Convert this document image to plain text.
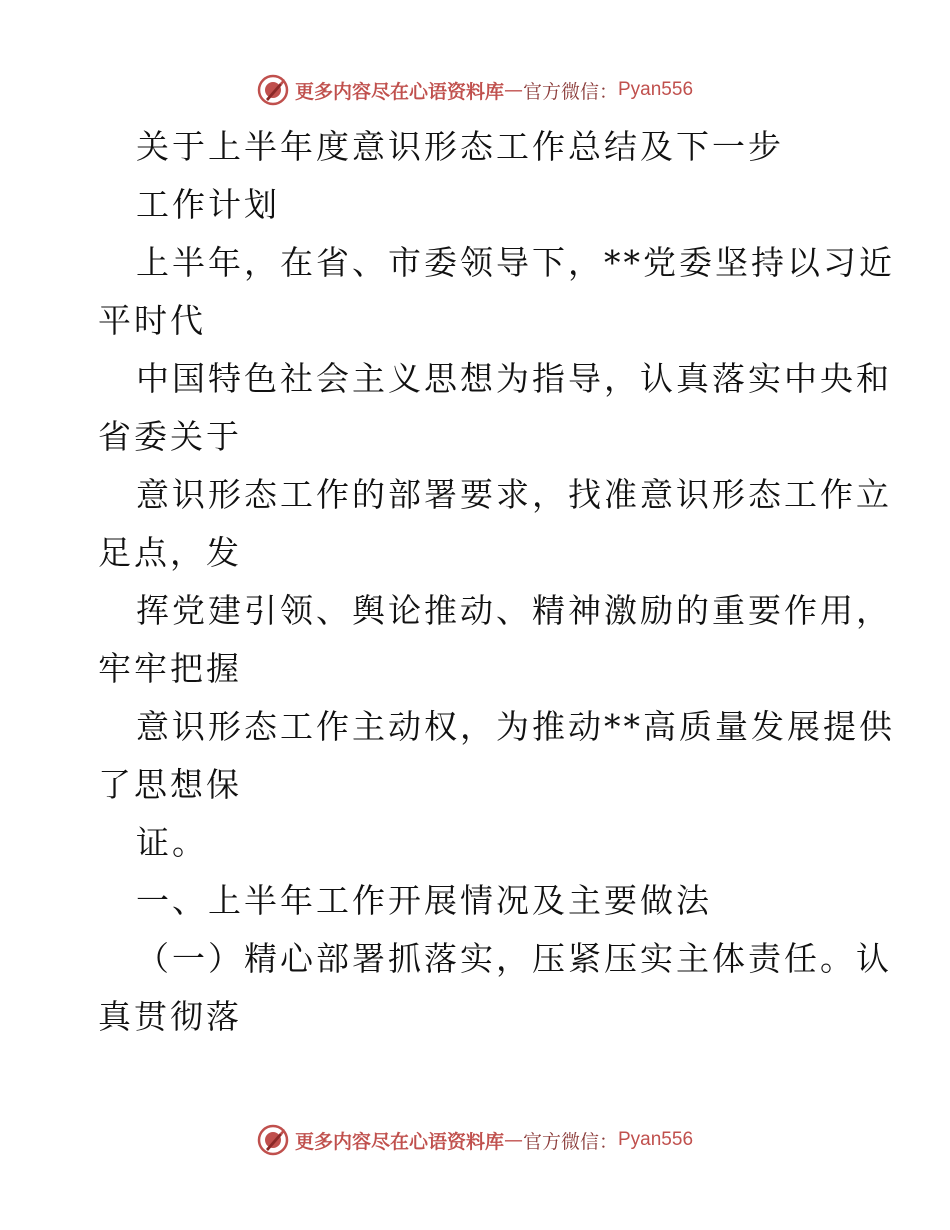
更多内容尽在心语资料库 — 官方微信： Pyan556
关于上半年度意识形态工作总结及下一步
工作计划
上半年，在省、市委领导下，**党委坚持以习近
平时代
中国特色社会主义思想为指导，认真落实中央和
省委关于
意识形态工作的部署要求，找准意识形态工作立
足点，发
挥党建引领、舆论推动、精神激励的重要作用，
牢牢把握
意识形态工作主动权，为推动**高质量发展提供
了思想保
证。
一、上半年工作开展情况及主要做法
（一）精心部署抓落实，压紧压实主体责任。认
真贯彻落
更多内容尽在心语资料库 — 官方微信： Pyan556
